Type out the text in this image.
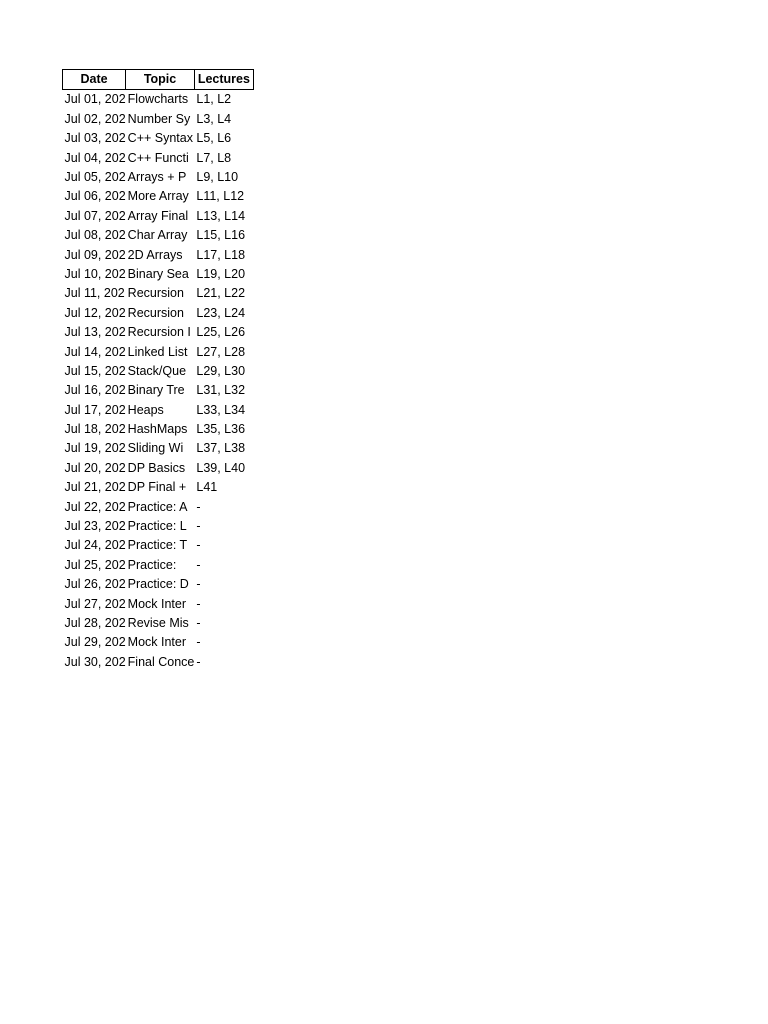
Date	Topic	Lectures
Jul 01, 202	Flowcharts	L1, L2
Jul 02, 202	Number Sy	L3, L4
Jul 03, 202	C++ Syntax	L5, L6
Jul 04, 202	C++ Functi	L7, L8
Jul 05, 202	Arrays + P	L9, L10
Jul 06, 202	More Array	L11, L12
Jul 07, 202	Array Final	L13, L14
Jul 08, 202	Char Array	L15, L16
Jul 09, 202	2D Arrays	L17, L18
Jul 10, 202	Binary Sea	L19, L20
Jul 11, 202	Recursion	L21, L22
Jul 12, 202	Recursion	L23, L24
Jul 13, 202	Recursion I	L25, L26
Jul 14, 202	Linked List	L27, L28
Jul 15, 202	Stack/Que	L29, L30
Jul 16, 202	Binary Tre	L31, L32
Jul 17, 202	Heaps	L33, L34
Jul 18, 202	HashMaps	L35, L36
Jul 19, 202	Sliding Wi	L37, L38
Jul 20, 202	DP Basics	L39, L40
Jul 21, 202	DP Final +	L41
Jul 22, 202	Practice: A	-
Jul 23, 202	Practice: L	-
Jul 24, 202	Practice: T	-
Jul 25, 202	Practice:	-
Jul 26, 202	Practice: D	-
Jul 27, 202	Mock Inter	-
Jul 28, 202	Revise Mis	-
Jul 29, 202	Mock Inter	-
Jul 30, 202	Final Conce	-
